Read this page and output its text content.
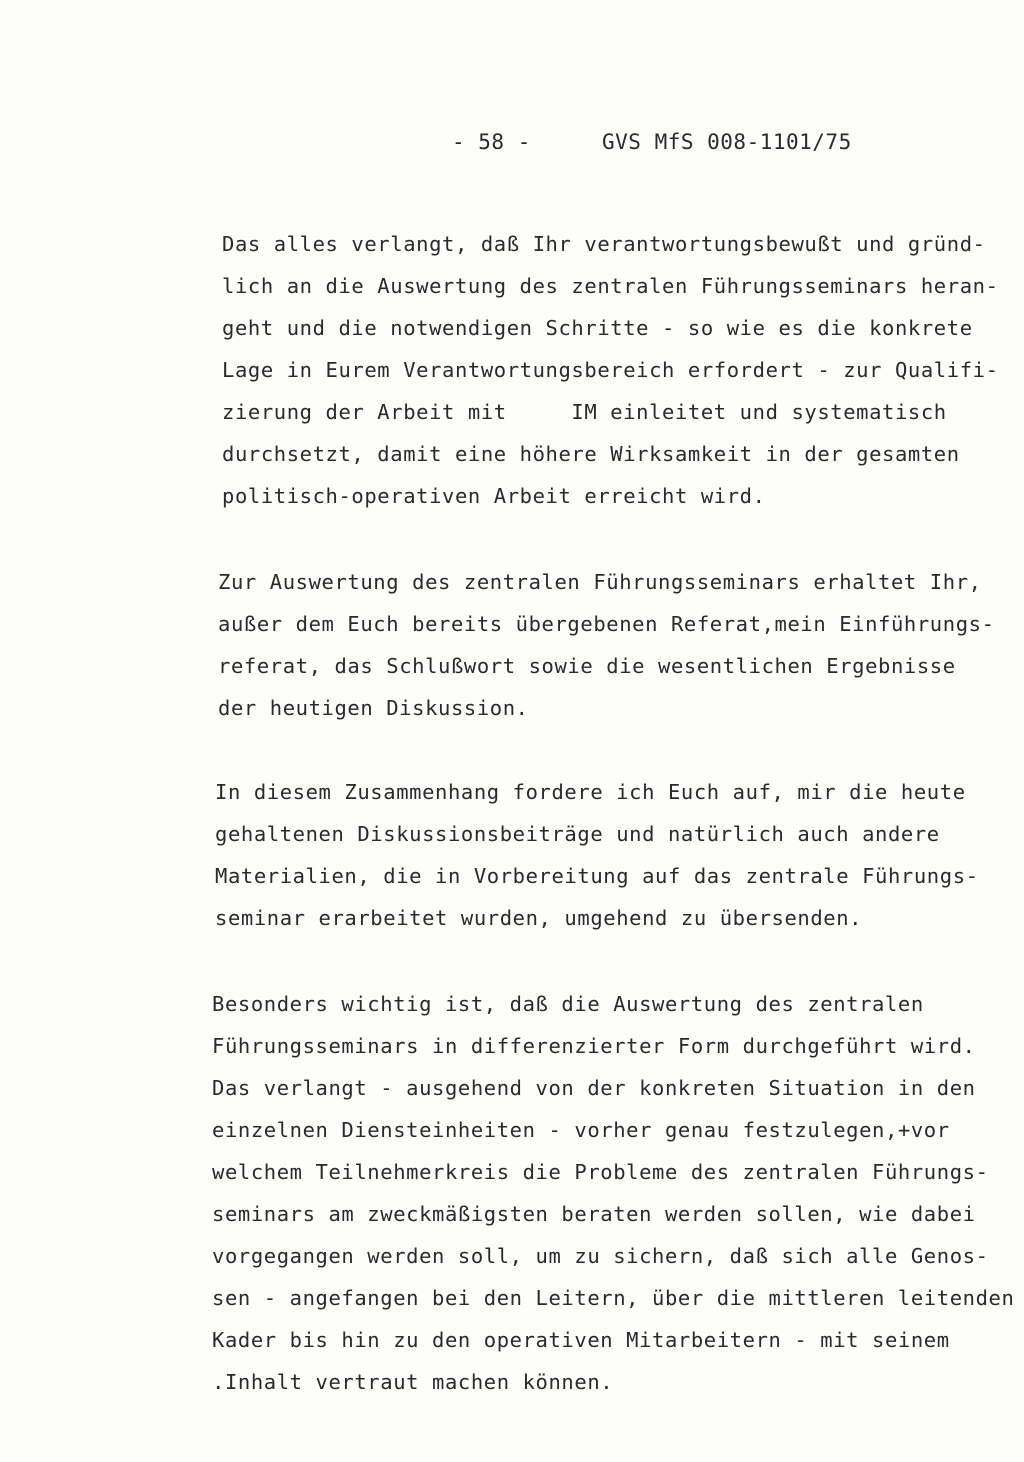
- 58 -	GVS MfS 008-1101/75
Das alles verlangt, daß Ihr verantwortungsbewußt und gründ-
lich an die Auswertung des zentralen Führungsseminars heran-
geht und die notwendigen Schritte - so wie es die konkrete
Lage in Eurem Verantwortungsbereich erfordert - zur Qualifi-
zierung der Arbeit mit     IM einleitet und systematisch
durchsetzt, damit eine höhere Wirksamkeit in der gesamten
politisch-operativen Arbeit erreicht wird.
Zur Auswertung des zentralen Führungsseminars erhaltet Ihr,
außer dem Euch bereits übergebenen Referat,mein Einführungs-
referat, das Schlußwort sowie die wesentlichen Ergebnisse
der heutigen Diskussion.
In diesem Zusammenhang fordere ich Euch auf, mir die heute
gehaltenen Diskussionsbeiträge und natürlich auch andere
Materialien, die in Vorbereitung auf das zentrale Führungs-
seminar erarbeitet wurden, umgehend zu übersenden.
Besonders wichtig ist, daß die Auswertung des zentralen
Führungsseminars in differenzierter Form durchgeführt wird.
Das verlangt - ausgehend von der konkreten Situation in den
einzelnen Diensteinheiten - vorher genau festzulegen,+vor
welchem Teilnehmerkreis die Probleme des zentralen Führungs-
seminars am zweckmäßigsten beraten werden sollen, wie dabei
vorgegangen werden soll, um zu sichern, daß sich alle Genos-
sen - angefangen bei den Leitern, über die mittleren leitenden
Kader bis hin zu den operativen Mitarbeitern - mit seinem
.Inhalt vertraut machen können.
